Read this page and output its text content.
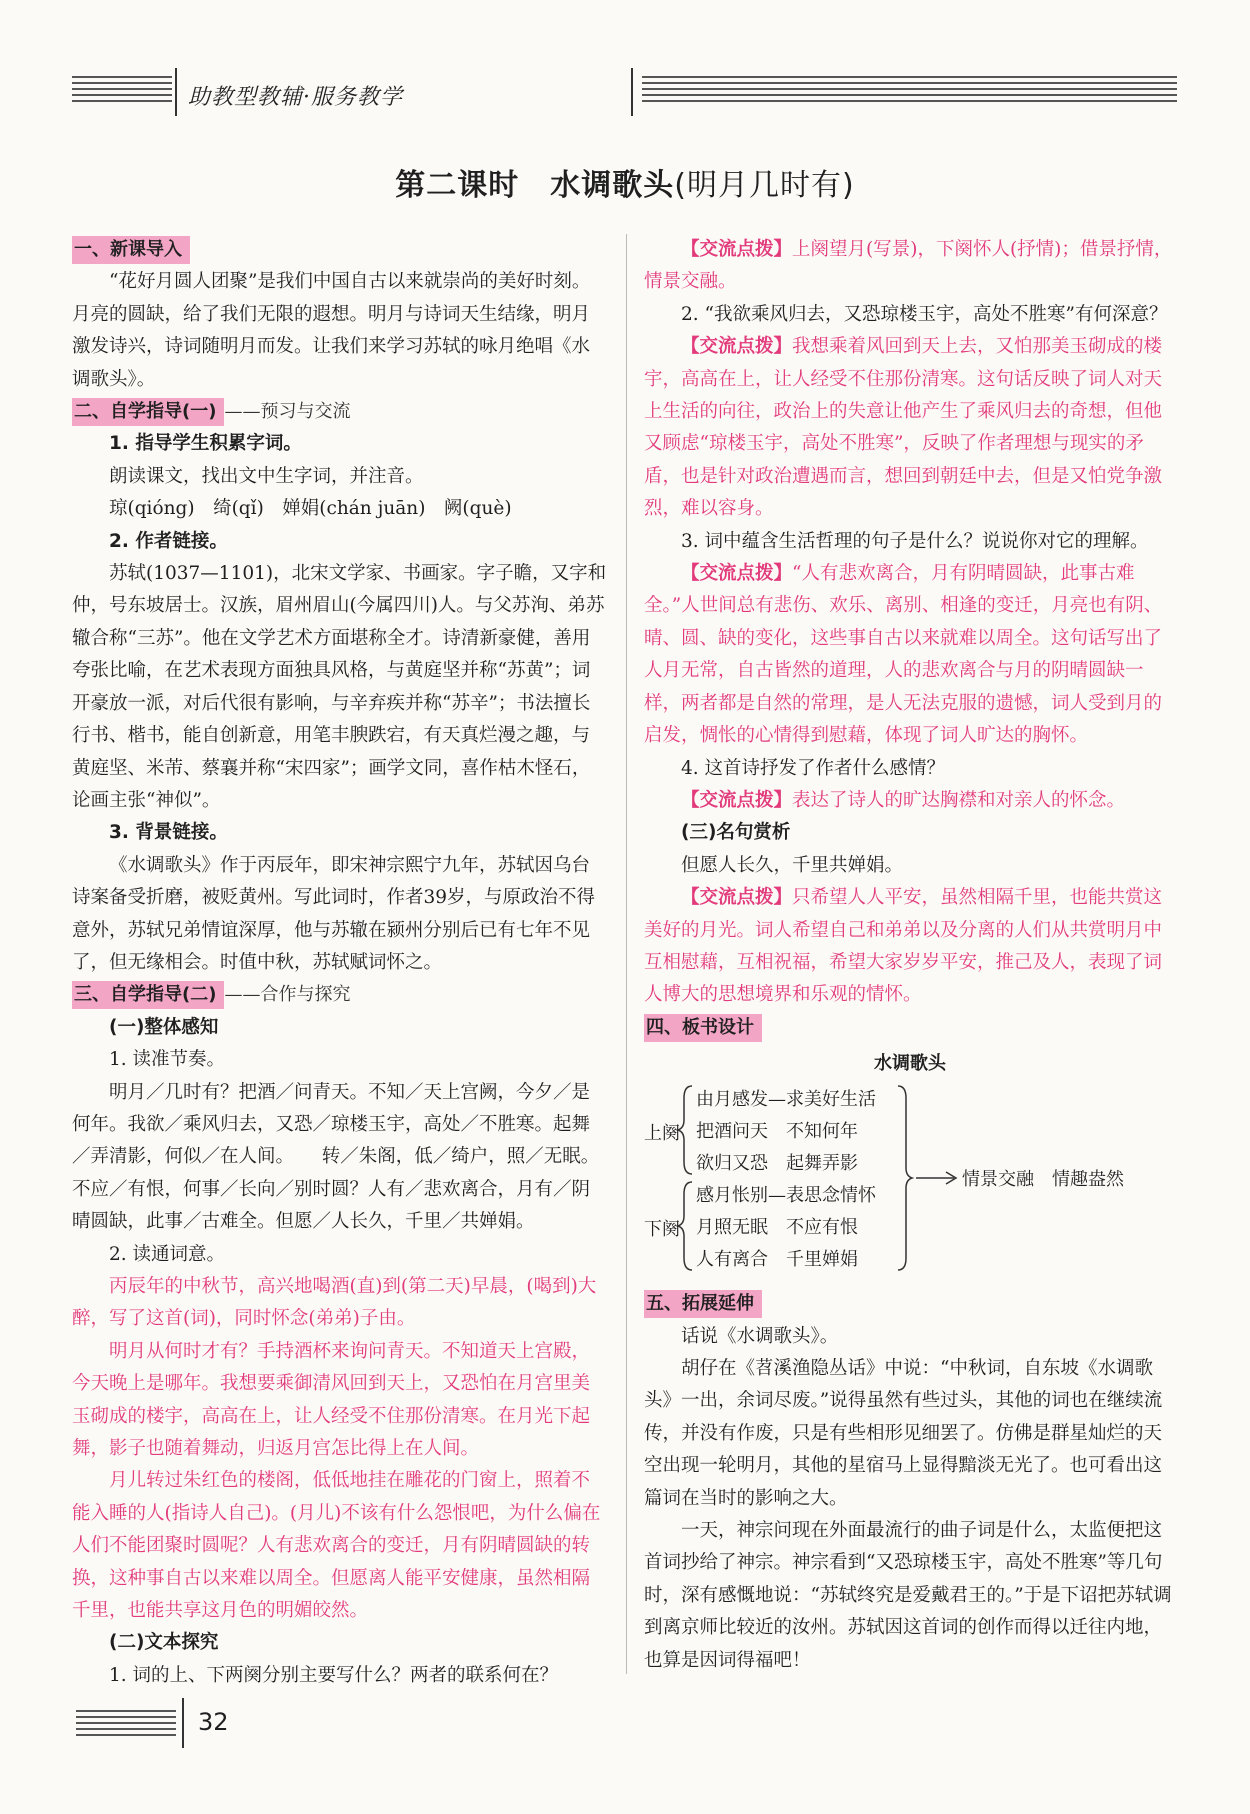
助教型教辅·服务教学
第二课时　水调歌头(明月几时有)
一、新课导入

“花好月圆人团聚”是我们中国自古以来就崇尚的美好时刻。月亮的圆缺，给了我们无限的遐想。明月与诗词天生结缘，明月激发诗兴，诗词随明月而发。让我们来学习苏轼的咏月绝唱《水调歌头》。

二、自学指导(一) ——预习与交流

1. 指导学生积累字词。

朗读课文，找出文中生字词，并注音。

琼(qióng)　绮(qǐ)　婵娟(chán juān)　阙(què)

2. 作者链接。

苏轼(1037—1101)，北宋文学家、书画家。字子瞻，又字和仲，号东坡居士。汉族，眉州眉山(今属四川)人。与父苏洵、弟苏辙合称“三苏”。他在文学艺术方面堪称全才。诗清新豪健，善用夸张比喻，在艺术表现方面独具风格，与黄庭坚并称“苏黄”；词开豪放一派，对后代很有影响，与辛弃疾并称“苏辛”；书法擅长行书、楷书，能自创新意，用笔丰腴跌宕，有天真烂漫之趣，与黄庭坚、米芾、蔡襄并称“宋四家”；画学文同，喜作枯木怪石，论画主张“神似”。

3. 背景链接。

《水调歌头》作于丙辰年，即宋神宗熙宁九年，苏轼因乌台诗案备受折磨，被贬黄州。写此词时，作者39岁，与原政治不得意外，苏轼兄弟情谊深厚，他与苏辙在颍州分别后已有七年不见了，但无缘相会。时值中秋，苏轼赋词怀之。

三、自学指导(二) ——合作与探究

(一)整体感知

1. 读准节奏。

明月／几时有？把酒／问青天。不知／天上宫阙，今夕／是何年。我欲／乘风归去，又恐／琼楼玉宇，高处／不胜寒。起舞／弄清影，何似／在人间。　　转／朱阁，低／绮户，照／无眠。不应／有恨，何事／长向／别时圆？人有／悲欢离合，月有／阴晴圆缺，此事／古难全。但愿／人长久，千里／共婵娟。

2. 读通词意。

丙辰年的中秋节，高兴地喝酒(直)到(第二天)早晨，(喝到)大醉，写了这首(词)，同时怀念(弟弟)子由。

明月从何时才有？手持酒杯来询问青天。不知道天上宫殿，今天晚上是哪年。我想要乘御清风回到天上，又恐怕在月宫里美玉砌成的楼宇，高高在上，让人经受不住那份清寒。在月光下起舞，影子也随着舞动，归返月宫怎比得上在人间。

月儿转过朱红色的楼阁，低低地挂在雕花的门窗上，照着不能入睡的人(指诗人自己)。(月儿)不该有什么怨恨吧，为什么偏在人们不能团聚时圆呢？人有悲欢离合的变迁，月有阴晴圆缺的转换，这种事自古以来难以周全。但愿离人能平安健康，虽然相隔千里，也能共享这月色的明媚皎然。

(二)文本探究

1. 词的上、下两阕分别主要写什么？两者的联系何在？

【交流点拨】上阕望月(写景)，下阕怀人(抒情)；借景抒情，情景交融。

2. “我欲乘风归去，又恐琼楼玉宇，高处不胜寒”有何深意？

【交流点拨】我想乘着风回到天上去，又怕那美玉砌成的楼宇，高高在上，让人经受不住那份清寒。这句话反映了词人对天上生活的向往，政治上的失意让他产生了乘风归去的奇想，但他又顾虑“琼楼玉宇，高处不胜寒”，反映了作者理想与现实的矛盾，也是针对政治遭遇而言，想回到朝廷中去，但是又怕党争激烈，难以容身。

3. 词中蕴含生活哲理的句子是什么？说说你对它的理解。

【交流点拨】“人有悲欢离合，月有阴晴圆缺，此事古难全。”人世间总有悲伤、欢乐、离别、相逢的变迁，月亮也有阴、晴、圆、缺的变化，这些事自古以来就难以周全。这句话写出了人月无常，自古皆然的道理，人的悲欢离合与月的阴晴圆缺一样，两者都是自然的常理，是人无法克服的遗憾，词人受到月的启发，惆怅的心情得到慰藉，体现了词人旷达的胸怀。

4. 这首诗抒发了作者什么感情？

【交流点拨】表达了诗人的旷达胸襟和对亲人的怀念。

(三)名句赏析

但愿人长久，千里共婵娟。

【交流点拨】只希望人人平安，虽然相隔千里，也能共赏这美好的月光。词人希望自己和弟弟以及分离的人们从共赏明月中互相慰藉，互相祝福，希望大家岁岁平安，推己及人，表现了词人博大的思想境界和乐观的情怀。

四、板书设计
水调歌头
上阕
由月感发—求美好生活
把酒问天　不知何年
欲归又恐　起舞弄影
下阕
感月怅别—表思念情怀
月照无眠　不应有恨
人有离合　千里婵娟
情景交融　情趣盎然
五、拓展延伸

话说《水调歌头》。

胡仔在《苕溪渔隐丛话》中说：“中秋词，自东坡《水调歌头》一出，余词尽废。”说得虽然有些过头，其他的词也在继续流传，并没有作废，只是有些相形见细罢了。仿佛是群星灿烂的天空出现一轮明月，其他的星宿马上显得黯淡无光了。也可看出这篇词在当时的影响之大。

一天，神宗问现在外面最流行的曲子词是什么，太监便把这首词抄给了神宗。神宗看到“又恐琼楼玉宇，高处不胜寒”等几句时，深有感慨地说：“苏轼终究是爱戴君王的。”于是下诏把苏轼调到离京师比较近的汝州。苏轼因这首词的创作而得以迁往内地，也算是因词得福吧！

32
